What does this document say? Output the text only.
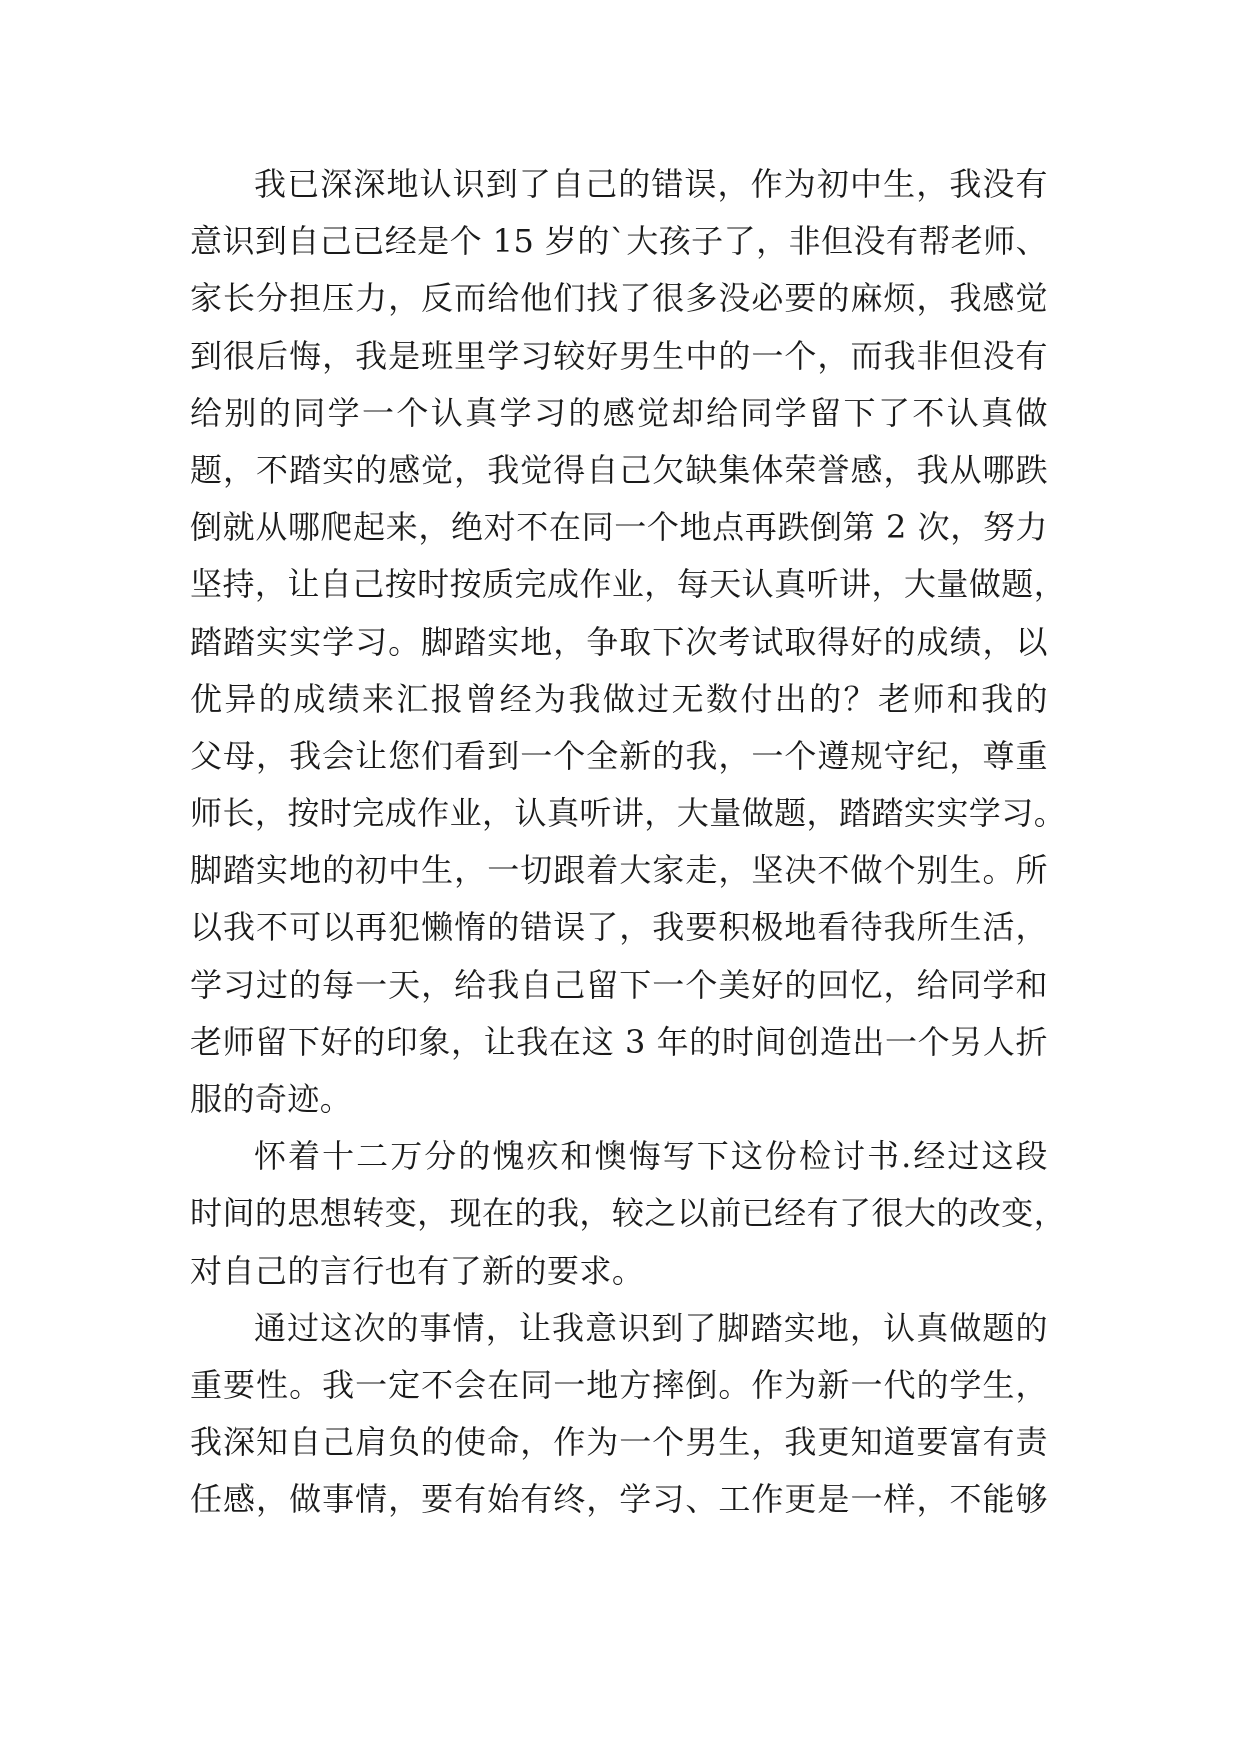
我已深深地认识到了自己的错误，作为初中生，我没有
意识到自己已经是个 15 岁的`大孩子了，非但没有帮老师、
家长分担压力，反而给他们找了很多没必要的麻烦，我感觉
到很后悔，我是班里学习较好男生中的一个，而我非但没有
给别的同学一个认真学习的感觉却给同学留下了不认真做
题，不踏实的感觉，我觉得自己欠缺集体荣誉感，我从哪跌
倒就从哪爬起来，绝对不在同一个地点再跌倒第 2 次，努力
坚持，让自己按时按质完成作业，每天认真听讲，大量做题，
踏踏实实学习。脚踏实地，争取下次考试取得好的成绩，以
优异的成绩来汇报曾经为我做过无数付出的？老师和我的
父母，我会让您们看到一个全新的我，一个遵规守纪，尊重
师长，按时完成作业，认真听讲，大量做题，踏踏实实学习。
脚踏实地的初中生，一切跟着大家走，坚决不做个别生。所
以我不可以再犯懒惰的错误了，我要积极地看待我所生活，
学习过的每一天，给我自己留下一个美好的回忆，给同学和
老师留下好的印象，让我在这 3 年的时间创造出一个另人折
服的奇迹。
怀着十二万分的愧疚和懊悔写下这份检讨书.经过这段
时间的思想转变，现在的我，较之以前已经有了很大的改变，
对自己的言行也有了新的要求。
通过这次的事情，让我意识到了脚踏实地，认真做题的
重要性。我一定不会在同一地方摔倒。作为新一代的学生，
我深知自己肩负的使命，作为一个男生，我更知道要富有责
任感，做事情，要有始有终，学习、工作更是一样，不能够
